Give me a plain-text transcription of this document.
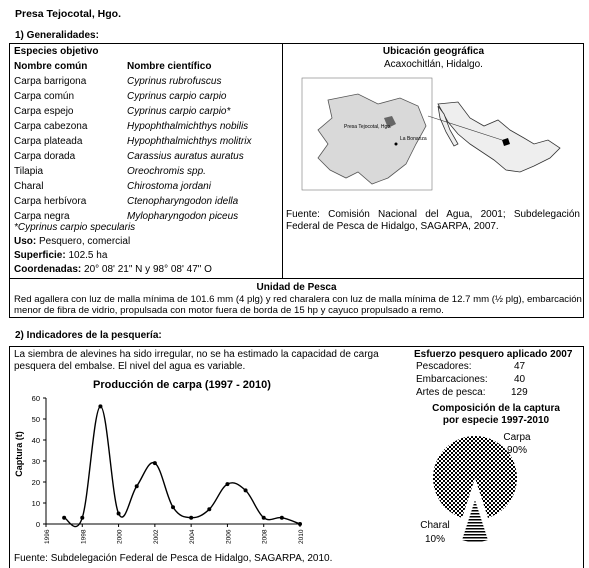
Presa Tejocotal, Hgo.
1) Generalidades:
Especies objetivo
Nombre común	Nombre científico
Carpa barrigona	Cyprinus rubrofuscus
Carpa común	Cyprinus carpio carpio
Carpa espejo	Cyprinus carpio carpio*
Carpa cabezona	Hypophthalmichthys nobilis
Carpa plateada	Hypophthalmichthys molitrix
Carpa dorada	Carassius auratus auratus
Tilapia	Oreochromis spp.
Charal	Chirostoma jordani
Carpa herbívora	Ctenopharyngodon idella
Carpa negra	Mylopharyngodon piceus
*Cyprinus carpio specularis
Uso: Pesquero, comercial
Superficie: 102.5 ha
Coordenadas: 20° 08' 21" N y 98° 08' 47" O
Ubicación geográfica
Acaxochitlán, Hidalgo.
Presa Tejocotal, Hgo.
La Bonanza
Fuente: Comisión Nacional del Agua, 2001; Subdelegación Federal de Pesca de Hidalgo, SAGARPA, 2007.
Unidad de Pesca
Red agallera con luz de malla mínima de 101.6 mm (4 plg) y red charalera con luz de malla mínima de 12.7 mm (½ plg), embarcación menor de fibra de vidrio, propulsada con motor fuera de borda de 15 hp y cayuco propulsado a remo.
2) Indicadores de la pesquería:
La siembra de alevines ha sido irregular, no se ha estimado la capacidad de carga pesquera del embalse. El nivel del agua es variable.
Producción de carpa (1997 - 2010)
Captura (t)
0
10
20
30
40
50
60
1996	1998	2000	2002	2004	2006	2008	2010
Fuente: Subdelegación Federal de Pesca de Hidalgo, SAGARPA, 2010.
Esfuerzo pesquero aplicado 2007
Pescadores:	47
Embarcaciones:	40
Artes de pesca:	129
Composición de la captura por especie 1997-2010
Carpa
90%
Charal
10%
